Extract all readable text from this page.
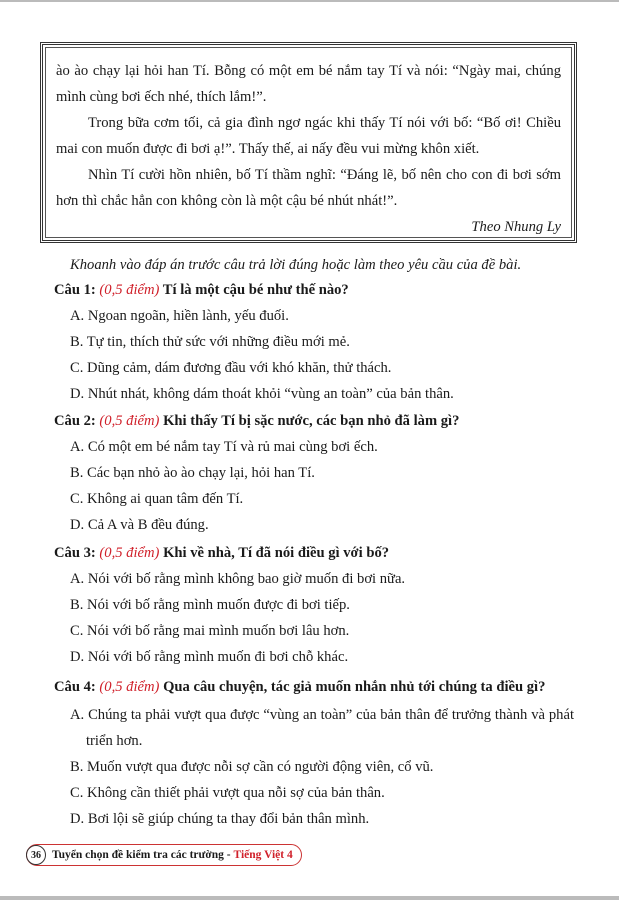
ào ào chạy lại hỏi han Tí. Bỗng có một em bé nắm tay Tí và nói: “Ngày mai, chúng mình cùng bơi ếch nhé, thích lắm!”.

Trong bữa cơm tối, cả gia đình ngơ ngác khi thấy Tí nói với bố: “Bố ơi! Chiều mai con muốn được đi bơi ạ!”. Thấy thế, ai nấy đều vui mừng khôn xiết.

Nhìn Tí cười hồn nhiên, bố Tí thầm nghĩ: “Đáng lẽ, bố nên cho con đi bơi sớm hơn thì chắc hẳn con không còn là một cậu bé nhút nhát!”.

Theo Nhung Ly

Khoanh vào đáp án trước câu trả lời đúng hoặc làm theo yêu cầu của đề bài.
Câu 1: (0,5 điểm) Tí là một cậu bé như thế nào?
A. Ngoan ngoãn, hiền lành, yếu đuối.
B. Tự tin, thích thử sức với những điều mới mẻ.
C. Dũng cảm, dám đương đầu với khó khăn, thử thách.
D. Nhút nhát, không dám thoát khỏi “vùng an toàn” của bản thân.
Câu 2: (0,5 điểm) Khi thấy Tí bị sặc nước, các bạn nhỏ đã làm gì?
A. Có một em bé nắm tay Tí và rủ mai cùng bơi ếch.
B. Các bạn nhỏ ào ào chạy lại, hỏi han Tí.
C. Không ai quan tâm đến Tí.
D. Cả A và B đều đúng.
Câu 3: (0,5 điểm) Khi về nhà, Tí đã nói điều gì với bố?
A. Nói với bố rằng mình không bao giờ muốn đi bơi nữa.
B. Nói với bố rằng mình muốn được đi bơi tiếp.
C. Nói với bố rằng mai mình muốn bơi lâu hơn.
D. Nói với bố rằng mình muốn đi bơi chỗ khác.
Câu 4: (0,5 điểm) Qua câu chuyện, tác giả muốn nhắn nhủ tới chúng ta điều gì?
A. Chúng ta phải vượt qua được “vùng an toàn” của bản thân để trưởng thành và phát triển hơn.
B. Muốn vượt qua được nỗi sợ cần có người động viên, cổ vũ.
C. Không cần thiết phải vượt qua nỗi sợ của bản thân.
D. Bơi lội sẽ giúp chúng ta thay đổi bản thân mình.
36 Tuyển chọn đề kiểm tra các trường -
Tiếng Việt 4
